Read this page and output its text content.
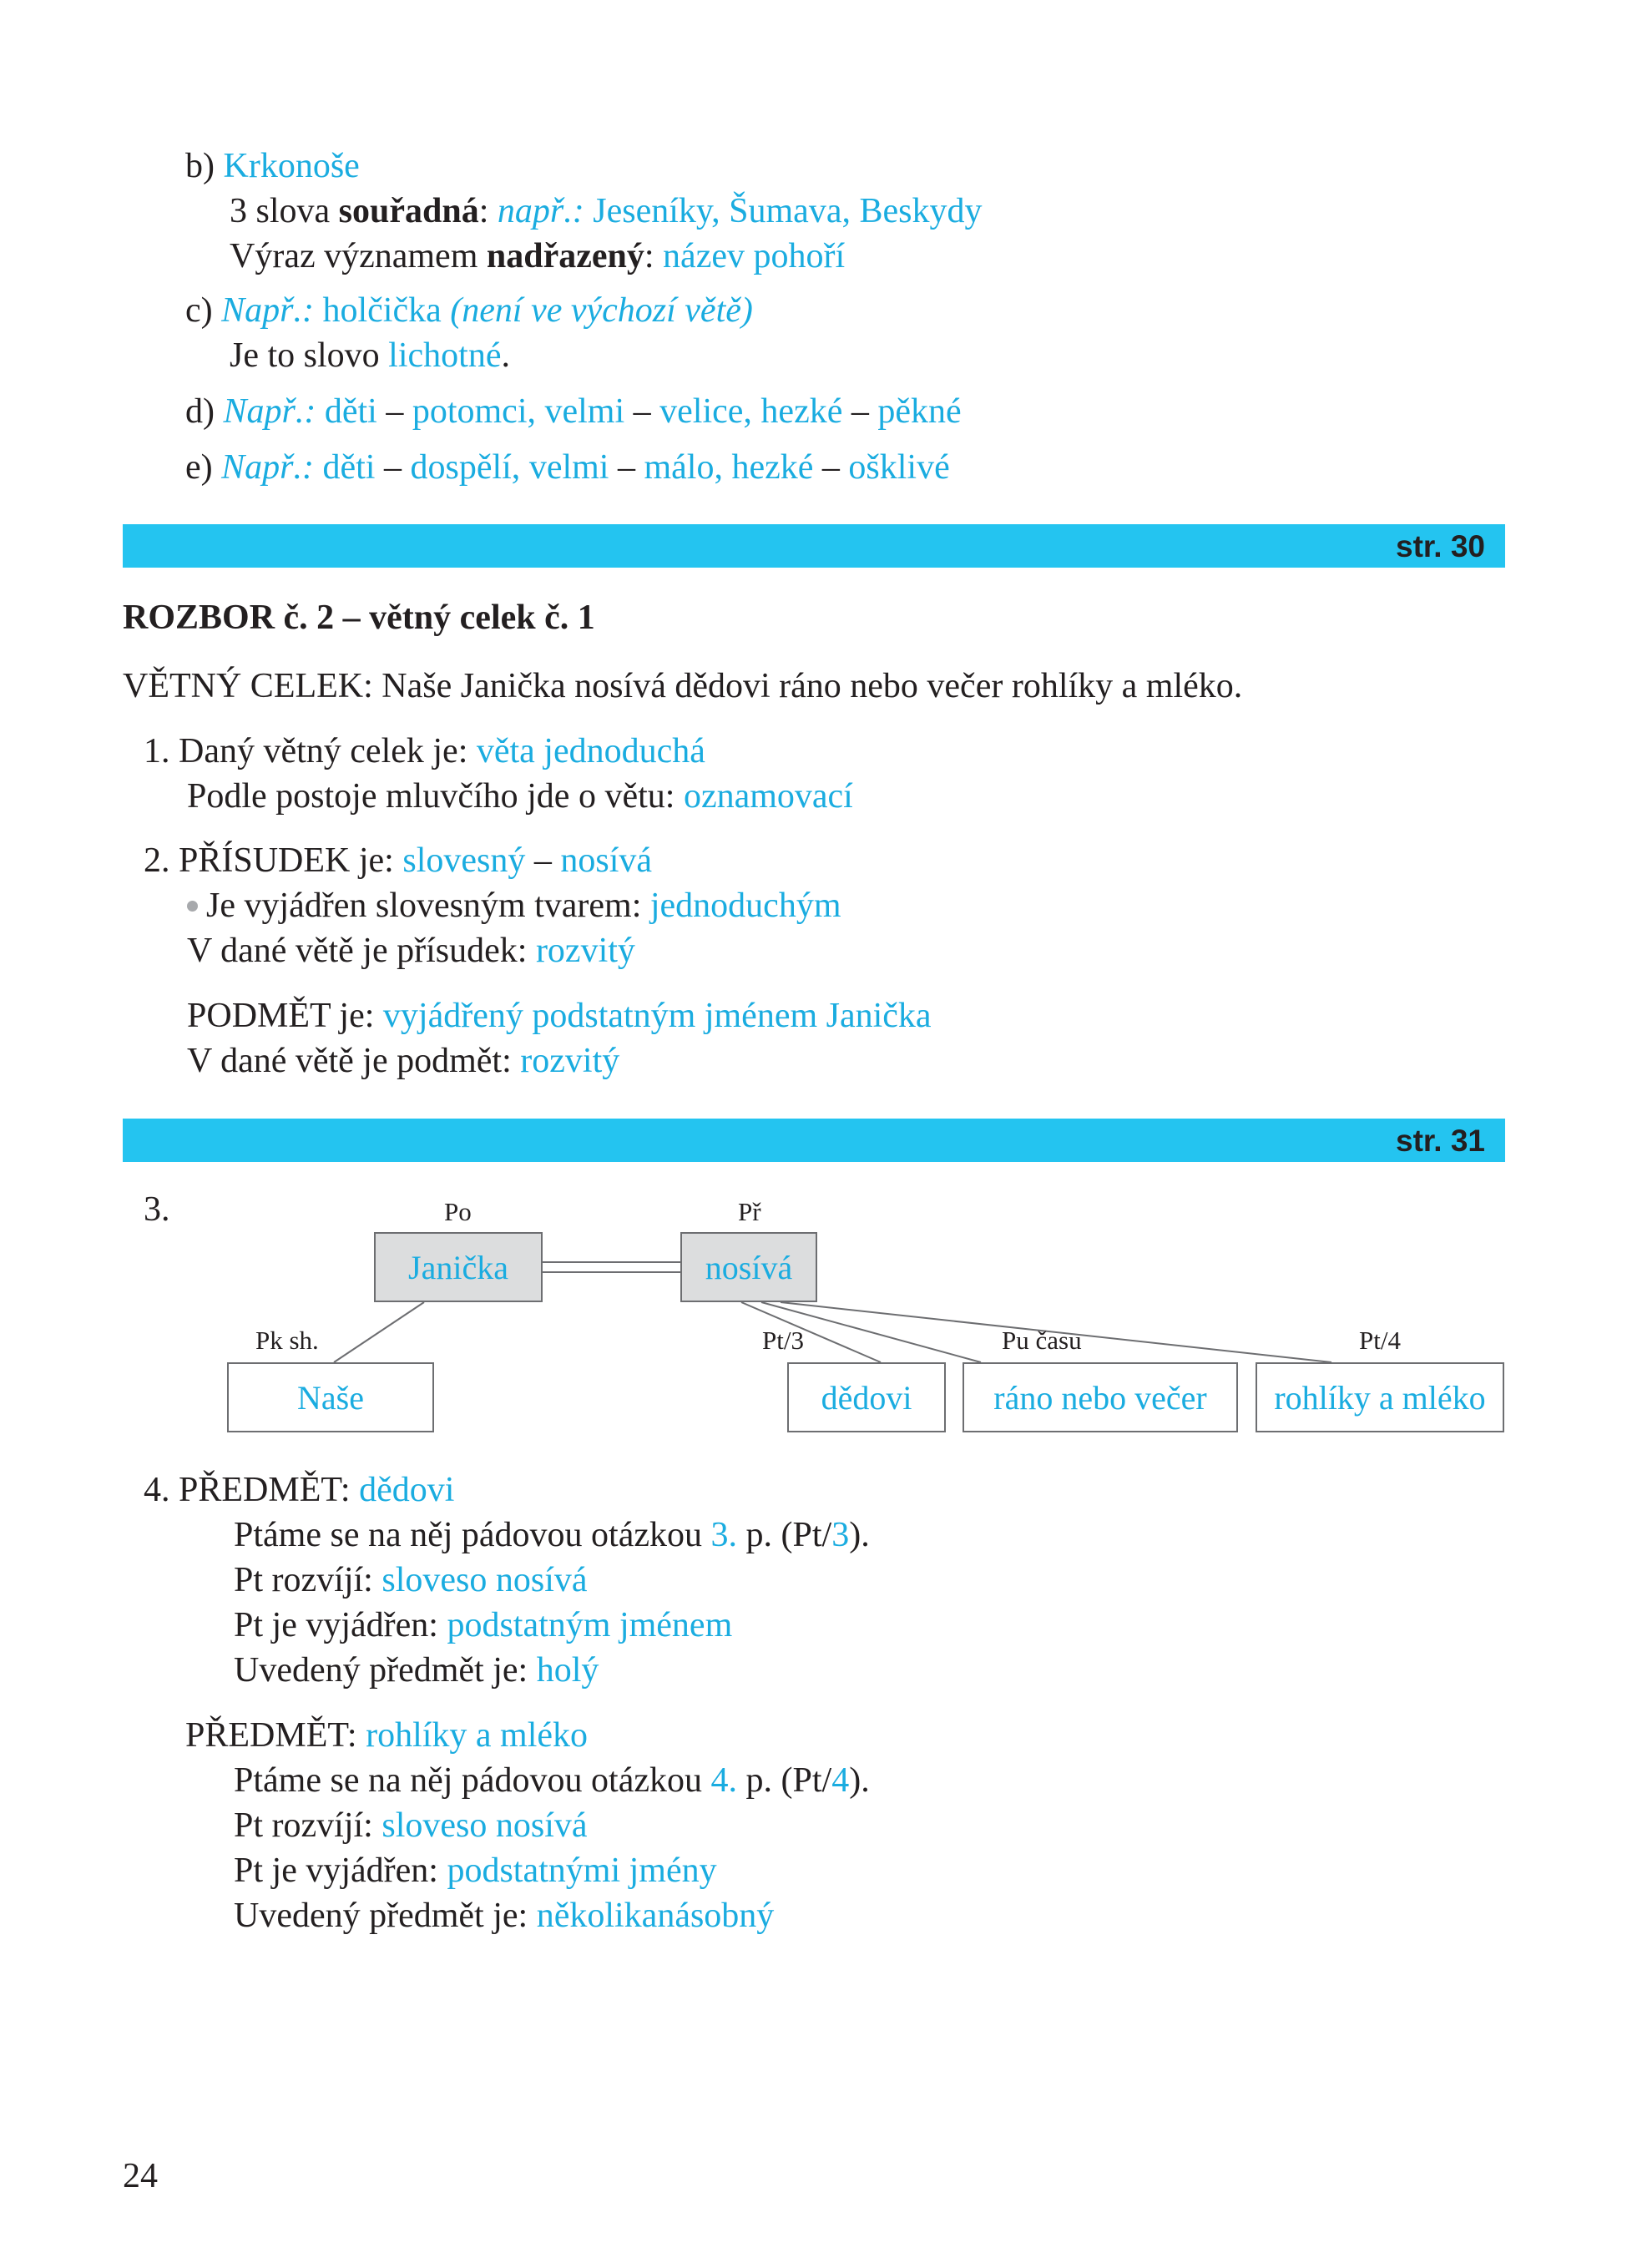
b) Krkonoše
3 slova souřadná: např.: Jeseníky, Šumava, Beskydy
Výraz významem nadřazený: název pohoří
c) Např.: holčička (není ve výchozí větě)
Je to slovo lichotné.
d) Např.: děti – potomci, velmi – velice, hezké – pěkné
e) Např.: děti – dospělí, velmi – málo, hezké – ošklivé
str. 30
ROZBOR č. 2 – větný celek č. 1
VĚTNÝ CELEK: Naše Janička nosívá dědovi ráno nebo večer rohlíky a mléko.
1. Daný větný celek je: věta jednoduchá
Podle postoje mluvčího jde o větu: oznamovací
2. PŘÍSUDEK je: slovesný – nosívá
Je vyjádřen slovesným tvarem: jednoduchým
V dané větě je přísudek: rozvitý
PODMĚT je: vyjádřený podstatným jménem Janička
V dané větě je podmět: rozvitý
str. 31
3.	Po	Př
Pk sh.	Pt/3	Pu času	Pt/4
Janička	nosívá
Naše	dědovi	ráno nebo večer	rohlíky a mléko
4. PŘEDMĚT: dědovi
Ptáme se na něj pádovou otázkou 3. p. (Pt/3).
Pt rozvíjí: sloveso nosívá
Pt je vyjádřen: podstatným jménem
Uvedený předmět je: holý
PŘEDMĚT: rohlíky a mléko
Ptáme se na něj pádovou otázkou 4. p. (Pt/4).
Pt rozvíjí: sloveso nosívá
Pt je vyjádřen: podstatnými jmény
Uvedený předmět je: několikanásobný
24
